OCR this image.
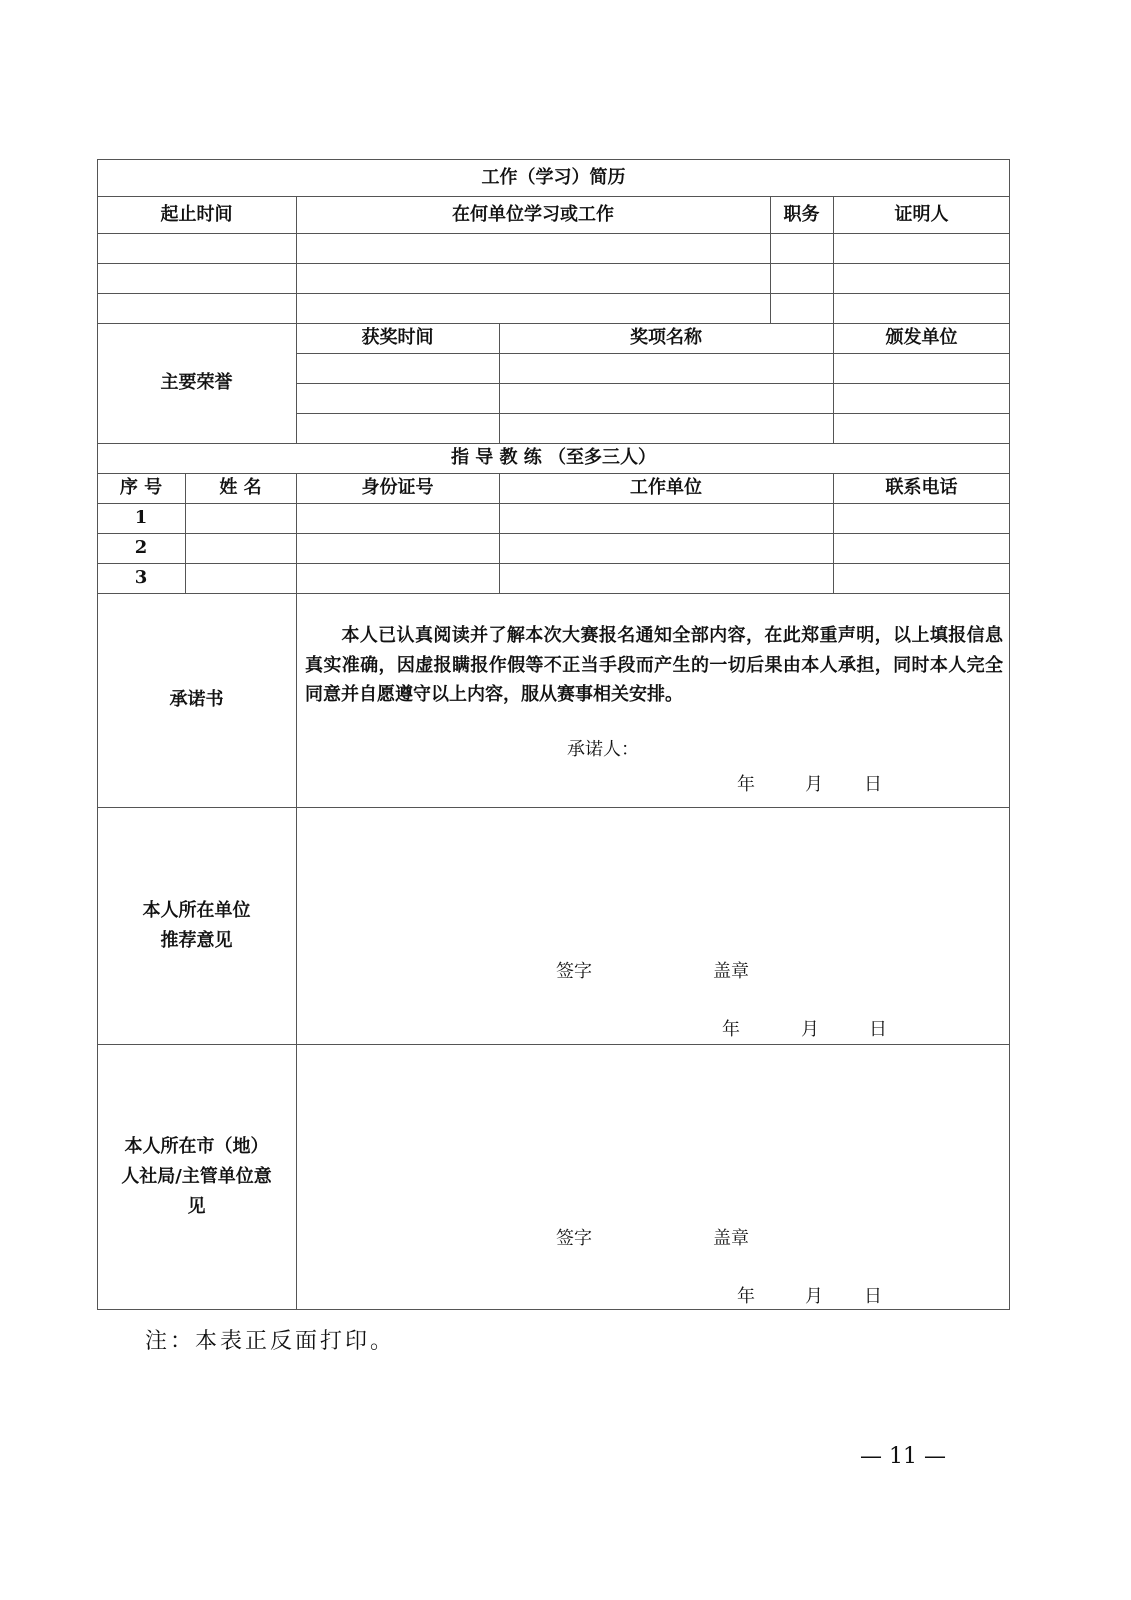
工作（学习）简历
起止时间	在何单位学习或工作	职务	证明人
主要荣誉
获奖时间	奖项名称	颁发单位
指 导 教 练 （至多三人）
序 号	姓 名	身份证号	工作单位	联系电话
1
2
3
承诺书
本人已认真阅读并了解本次大赛报名通知全部内容，在此郑重声明，以上填报信息真实准确，因虚报瞒报作假等不正当手段而产生的一切后果由本人承担，同时本人完全同意并自愿遵守以上内容，服从赛事相关安排。
承诺人：
年	月 日
本人所在单位
推荐意见
签字	盖章
年	月	日
本人所在市（地）
人社局/主管单位意
见
签字	盖章
年	月 日
注：本表正反面打印。
— 11 —
